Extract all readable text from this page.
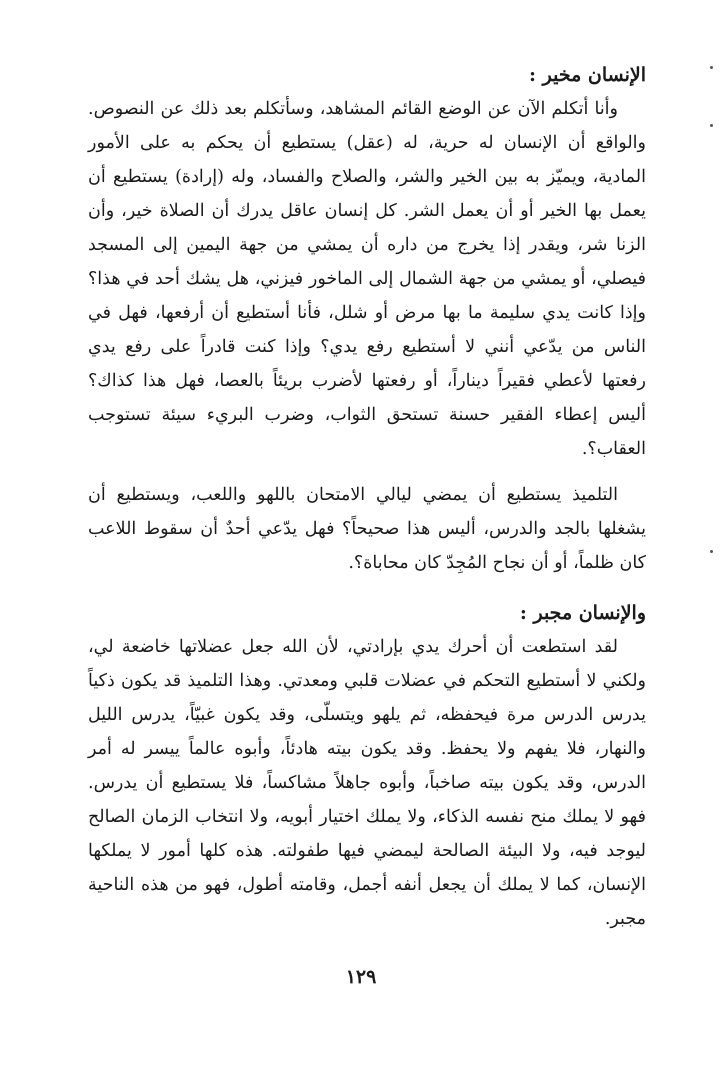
الإنسان مخير :

وأنا أتكلم الآن عن الوضع القائم المشاهد، وسأتكلم بعد ذلك عن النصوص. والواقع أن الإنسان له حرية، له (عقل) يستطيع أن يحكم به على الأمور المادية، ويميّز به بين الخير والشر، والصلاح والفساد، وله (إرادة) يستطيع أن يعمل بها الخير أو أن يعمل الشر. كل إنسان عاقل يدرك أن الصلاة خير، وأن الزنا شر، ويقدر إذا يخرج من داره أن يمشي من جهة اليمين إلى المسجد فيصلي، أو يمشي من جهة الشمال إلى الماخور فيزني، هل يشك أحد في هذا؟ وإذا كانت يدي سليمة ما بها مرض أو شلل، فأنا أستطيع أن أرفعها، فهل في الناس من يدّعي أنني لا أستطيع رفع يدي؟ وإذا كنت قادراً على رفع يدي رفعتها لأعطي فقيراً ديناراً، أو رفعتها لأضرب بريئاً بالعصا، فهل هذا كذاك؟ أليس إعطاء الفقير حسنة تستحق الثواب، وضرب البريء سيئة تستوجب العقاب؟.

التلميذ يستطيع أن يمضي ليالي الامتحان باللهو واللعب، ويستطيع أن يشغلها بالجد والدرس، أليس هذا صحيحاً؟ فهل يدّعي أحدٌ أن سقوط اللاعب كان ظلماً، أو أن نجاح المُجِدّ كان محاباة؟.

والإنسان مجبر :

لقد استطعت أن أحرك يدي بإرادتي، لأن الله جعل عضلاتها خاضعة لي، ولكني لا أستطيع التحكم في عضلات قلبي ومعدتي. وهذا التلميذ قد يكون ذكياً يدرس الدرس مرة فيحفظه، ثم يلهو ويتسلّى، وقد يكون غبيّاً، يدرس الليل والنهار، فلا يفهم ولا يحفظ. وقد يكون بيته هادئاً، وأبوه عالماً ييسر له أمر الدرس، وقد يكون بيته صاخباً، وأبوه جاهلاً مشاكساً، فلا يستطيع أن يدرس. فهو لا يملك منح نفسه الذكاء، ولا يملك اختيار أبويه، ولا انتخاب الزمان الصالح ليوجد فيه، ولا البيئة الصالحة ليمضي فيها طفولته. هذه كلها أمور لا يملكها الإنسان، كما لا يملك أن يجعل أنفه أجمل، وقامته أطول، فهو من هذه الناحية مجبر.

١٢٩
